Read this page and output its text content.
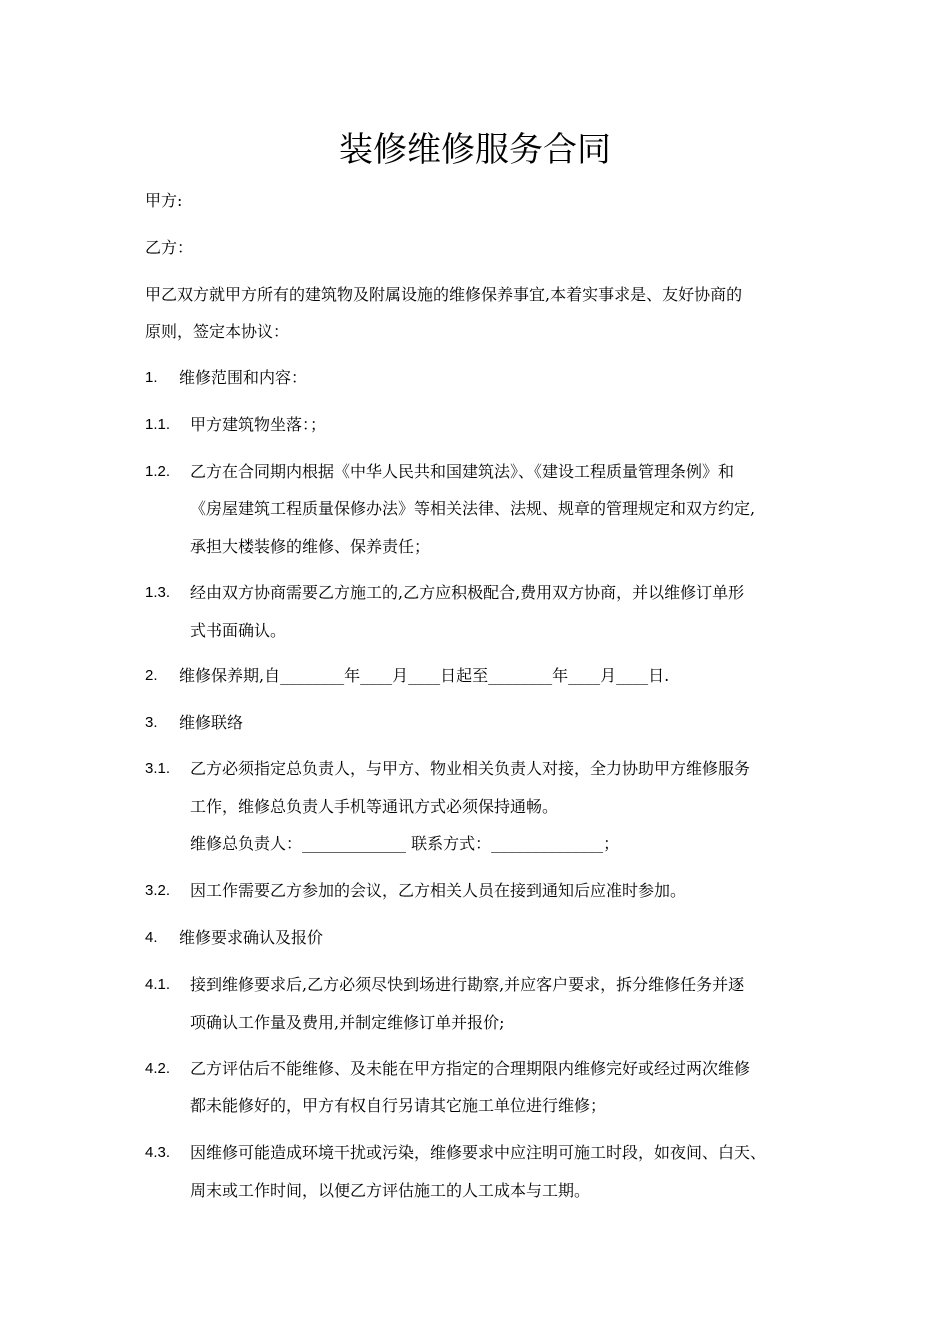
装修维修服务合同
甲方:
乙方：
甲乙双方就甲方所有的建筑物及附属设施的维修保养事宜,本着实事求是、友好协商的
原则，签定本协议：
1. 维修范围和内容：
1.1. 甲方建筑物坐落：；
1.2. 乙方在合同期内根据《中华人民共和国建筑法》、《建设工程质量管理条例》和
《房屋建筑工程质量保修办法》等相关法律、法规、规章的管理规定和双方约定,
承担大楼装修的维修、保养责任；
1.3. 经由双方协商需要乙方施工的,乙方应积极配合,费用双方协商，并以维修订单形
式书面确认。
2. 维修保养期,自________年____月____日起至________年____月____日.
3. 维修联络
3.1. 乙方必须指定总负责人，与甲方、物业相关负责人对接，全力协助甲方维修服务
工作，维修总负责人手机等通讯方式必须保持通畅。
维修总负责人：_____________ 联系方式：______________；
3.2. 因工作需要乙方参加的会议，乙方相关人员在接到通知后应准时参加。
4. 维修要求确认及报价
4.1. 接到维修要求后,乙方必须尽快到场进行勘察,并应客户要求，拆分维修任务并逐
项确认工作量及费用,并制定维修订单并报价;
4.2. 乙方评估后不能维修、及未能在甲方指定的合理期限内维修完好或经过两次维修
都未能修好的，甲方有权自行另请其它施工单位进行维修；
4.3. 因维修可能造成环境干扰或污染，维修要求中应注明可施工时段，如夜间、白天、
周末或工作时间，以便乙方评估施工的人工成本与工期。
